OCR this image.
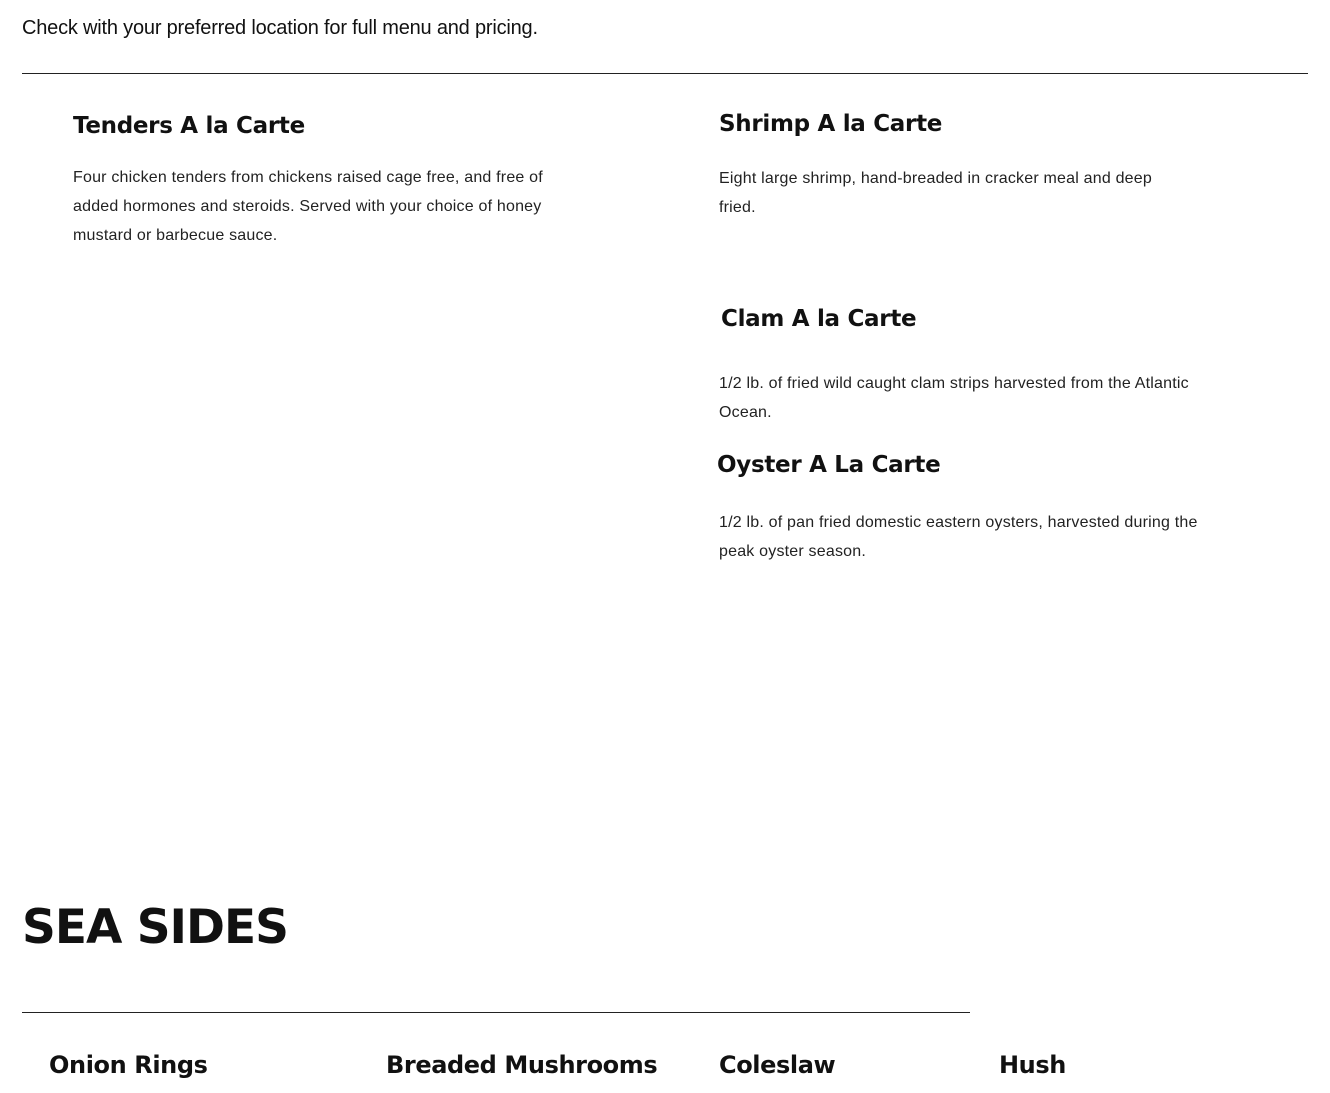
Check with your preferred location for full menu and pricing.
Tenders A la Carte
Four chicken tenders from chickens raised cage free, and free of added hormones and steroids. Served with your choice of honey mustard or barbecue sauce.
Shrimp A la Carte
Eight large shrimp, hand-breaded in cracker meal and deep fried.
Clam A la Carte
1/2 lb. of fried wild caught clam strips harvested from the Atlantic Ocean.
Oyster A La Carte
1/2 lb. of pan fried domestic eastern oysters, harvested during the peak oyster season.
SEA SIDES
Onion Rings	Breaded Mushrooms	Coleslaw	Hush
